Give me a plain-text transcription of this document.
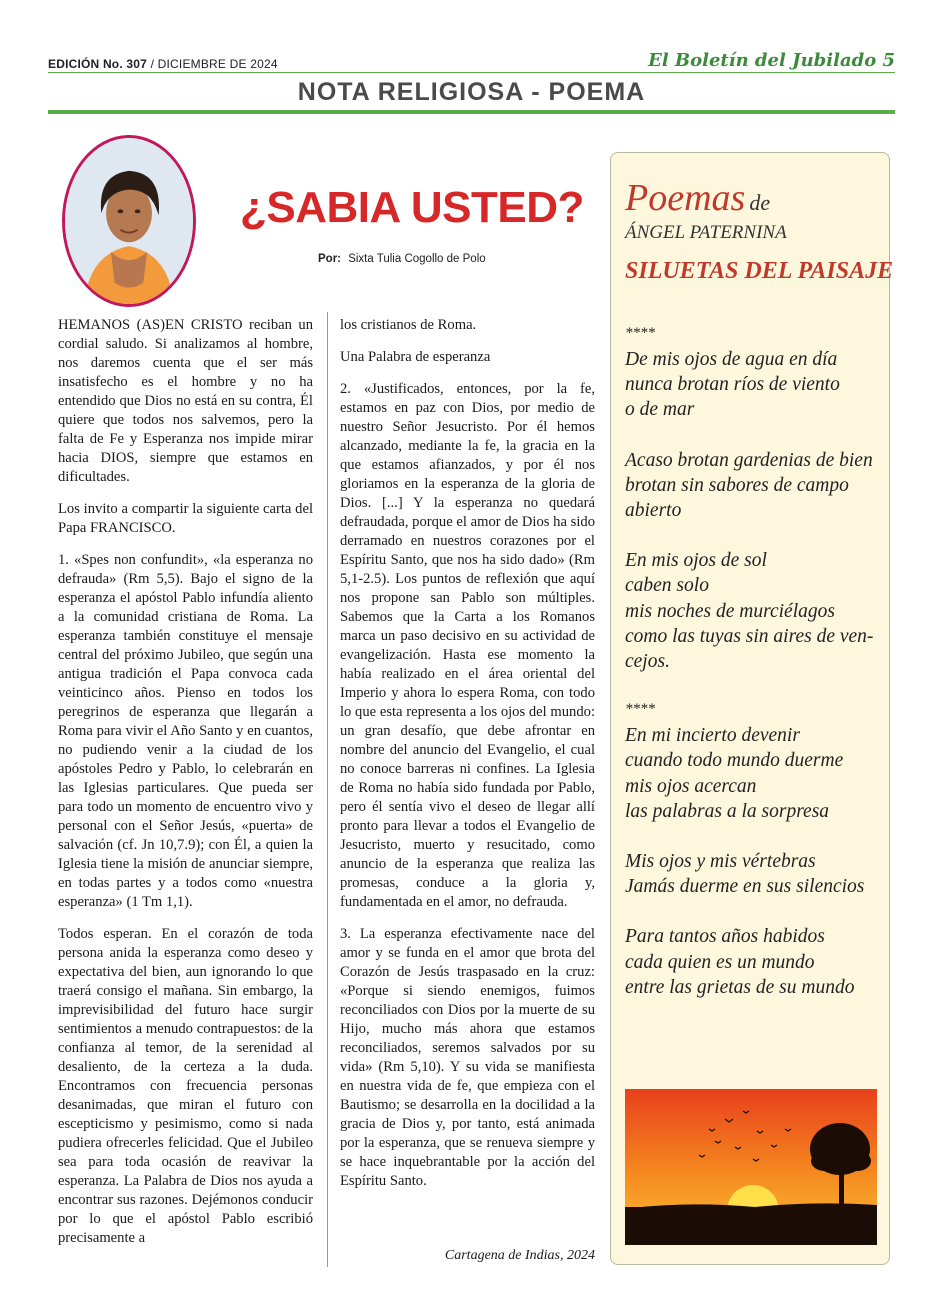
EDICIÓN No. 307 / DICIEMBRE DE 2024	El Boletín del Jubilado 5
NOTA RELIGIOSA - POEMA
¿SABIA USTED?
Por: Sixta Tulia Cogollo de Polo

HEMANOS (AS)EN CRISTO reciban un cordial saludo. Si analizamos al hombre, nos daremos cuenta que el ser más insatisfecho es el hombre y no ha entendido que Dios no está en su contra, Él quiere que todos nos salvemos, pero la falta de Fe y Esperanza nos impide mirar hacia DIOS, siempre que estamos en dificultades.

Los invito a compartir la siguiente carta del Papa FRANCISCO.

1. «Spes non confundit», «la esperanza no defrauda» (Rm 5,5). Bajo el signo de la esperanza el apóstol Pablo infundía aliento a la comunidad cristiana de Roma. La esperanza también constituye el mensaje central del próximo Jubileo, que según una antigua tradición el Papa convoca cada veinticinco años. Pienso en todos los peregrinos de esperanza que llegarán a Roma para vivir el Año Santo y en cuantos, no pudiendo venir a la ciudad de los apóstoles Pedro y Pablo, lo celebrarán en las Iglesias particulares. Que pueda ser para todo un momento de encuentro vivo y personal con el Señor Jesús, «puerta» de salvación (cf. Jn 10,7.9); con Él, a quien la Iglesia tiene la misión de anunciar siempre, en todas partes y a todos como «nuestra esperanza» (1 Tm 1,1).

Todos esperan. En el corazón de toda persona anida la esperanza como deseo y expectativa del bien, aun ignorando lo que traerá consigo el mañana. Sin embargo, la imprevisibilidad del futuro hace surgir sentimientos a menudo contrapuestos: de la confianza al temor, de la serenidad al desaliento, de la certeza a la duda. Encontramos con frecuencia personas desanimadas, que miran el futuro con escepticismo y pesimismo, como si nada pudiera ofrecerles felicidad. Que el Jubileo sea para toda ocasión de reavivar la esperanza. La Palabra de Dios nos ayuda a encontrar sus razones. Dejémonos conducir por lo que el apóstol Pablo escribió precisamente a

los cristianos de Roma.

Una Palabra de esperanza

2. «Justificados, entonces, por la fe, estamos en paz con Dios, por medio de nuestro Señor Jesucristo. Por él hemos alcanzado, mediante la fe, la gracia en la que estamos afianzados, y por él nos gloriamos en la esperanza de la gloria de Dios. [...] Y la esperanza no quedará defraudada, porque el amor de Dios ha sido derramado en nuestros corazones por el Espíritu Santo, que nos ha sido dado» (Rm 5,1-2.5). Los puntos de reflexión que aquí nos propone san Pablo son múltiples. Sabemos que la Carta a los Romanos marca un paso decisivo en su actividad de evangelización. Hasta ese momento la había realizado en el área oriental del Imperio y ahora lo espera Roma, con todo lo que esta representa a los ojos del mundo: un gran desafío, que debe afrontar en nombre del anuncio del Evangelio, el cual no conoce barreras ni confines. La Iglesia de Roma no había sido fundada por Pablo, pero él sentía vivo el deseo de llegar allí pronto para llevar a todos el Evangelio de Jesucristo, muerto y resucitado, como anuncio de la esperanza que realiza las promesas, conduce a la gloria y, fundamentada en el amor, no defrauda.

3. La esperanza efectivamente nace del amor y se funda en el amor que brota del Corazón de Jesús traspasado en la cruz: «Porque si siendo enemigos, fuimos reconciliados con Dios por la muerte de su Hijo, mucho más ahora que estamos reconciliados, seremos salvados por su vida» (Rm 5,10). Y su vida se manifiesta en nuestra vida de fe, que empieza con el Bautismo; se desarrolla en la docilidad a la gracia de Dios y, por tanto, está animada por la esperanza, que se renueva siempre y se hace inquebrantable por la acción del Espíritu Santo.

Cartagena de Indias, 2024
Poemas de
ÁNGEL PATERNINA
SILUETAS DEL PAISAJE
****
De mis ojos de agua en día
nunca brotan ríos de viento
o de mar
Acaso brotan gardenias de bien
brotan sin sabores de campo
abierto
En mis ojos de sol
caben solo
mis noches de murciélagos
como las tuyas sin aires de ven-
cejos.
****
En mi incierto devenir
cuando todo mundo duerme
mis ojos acercan
las palabras a la sorpresa
Mis ojos y mis vértebras
Jamás duerme en sus silencios
Para tantos años habidos
cada quien es un mundo
entre las grietas de su mundo
